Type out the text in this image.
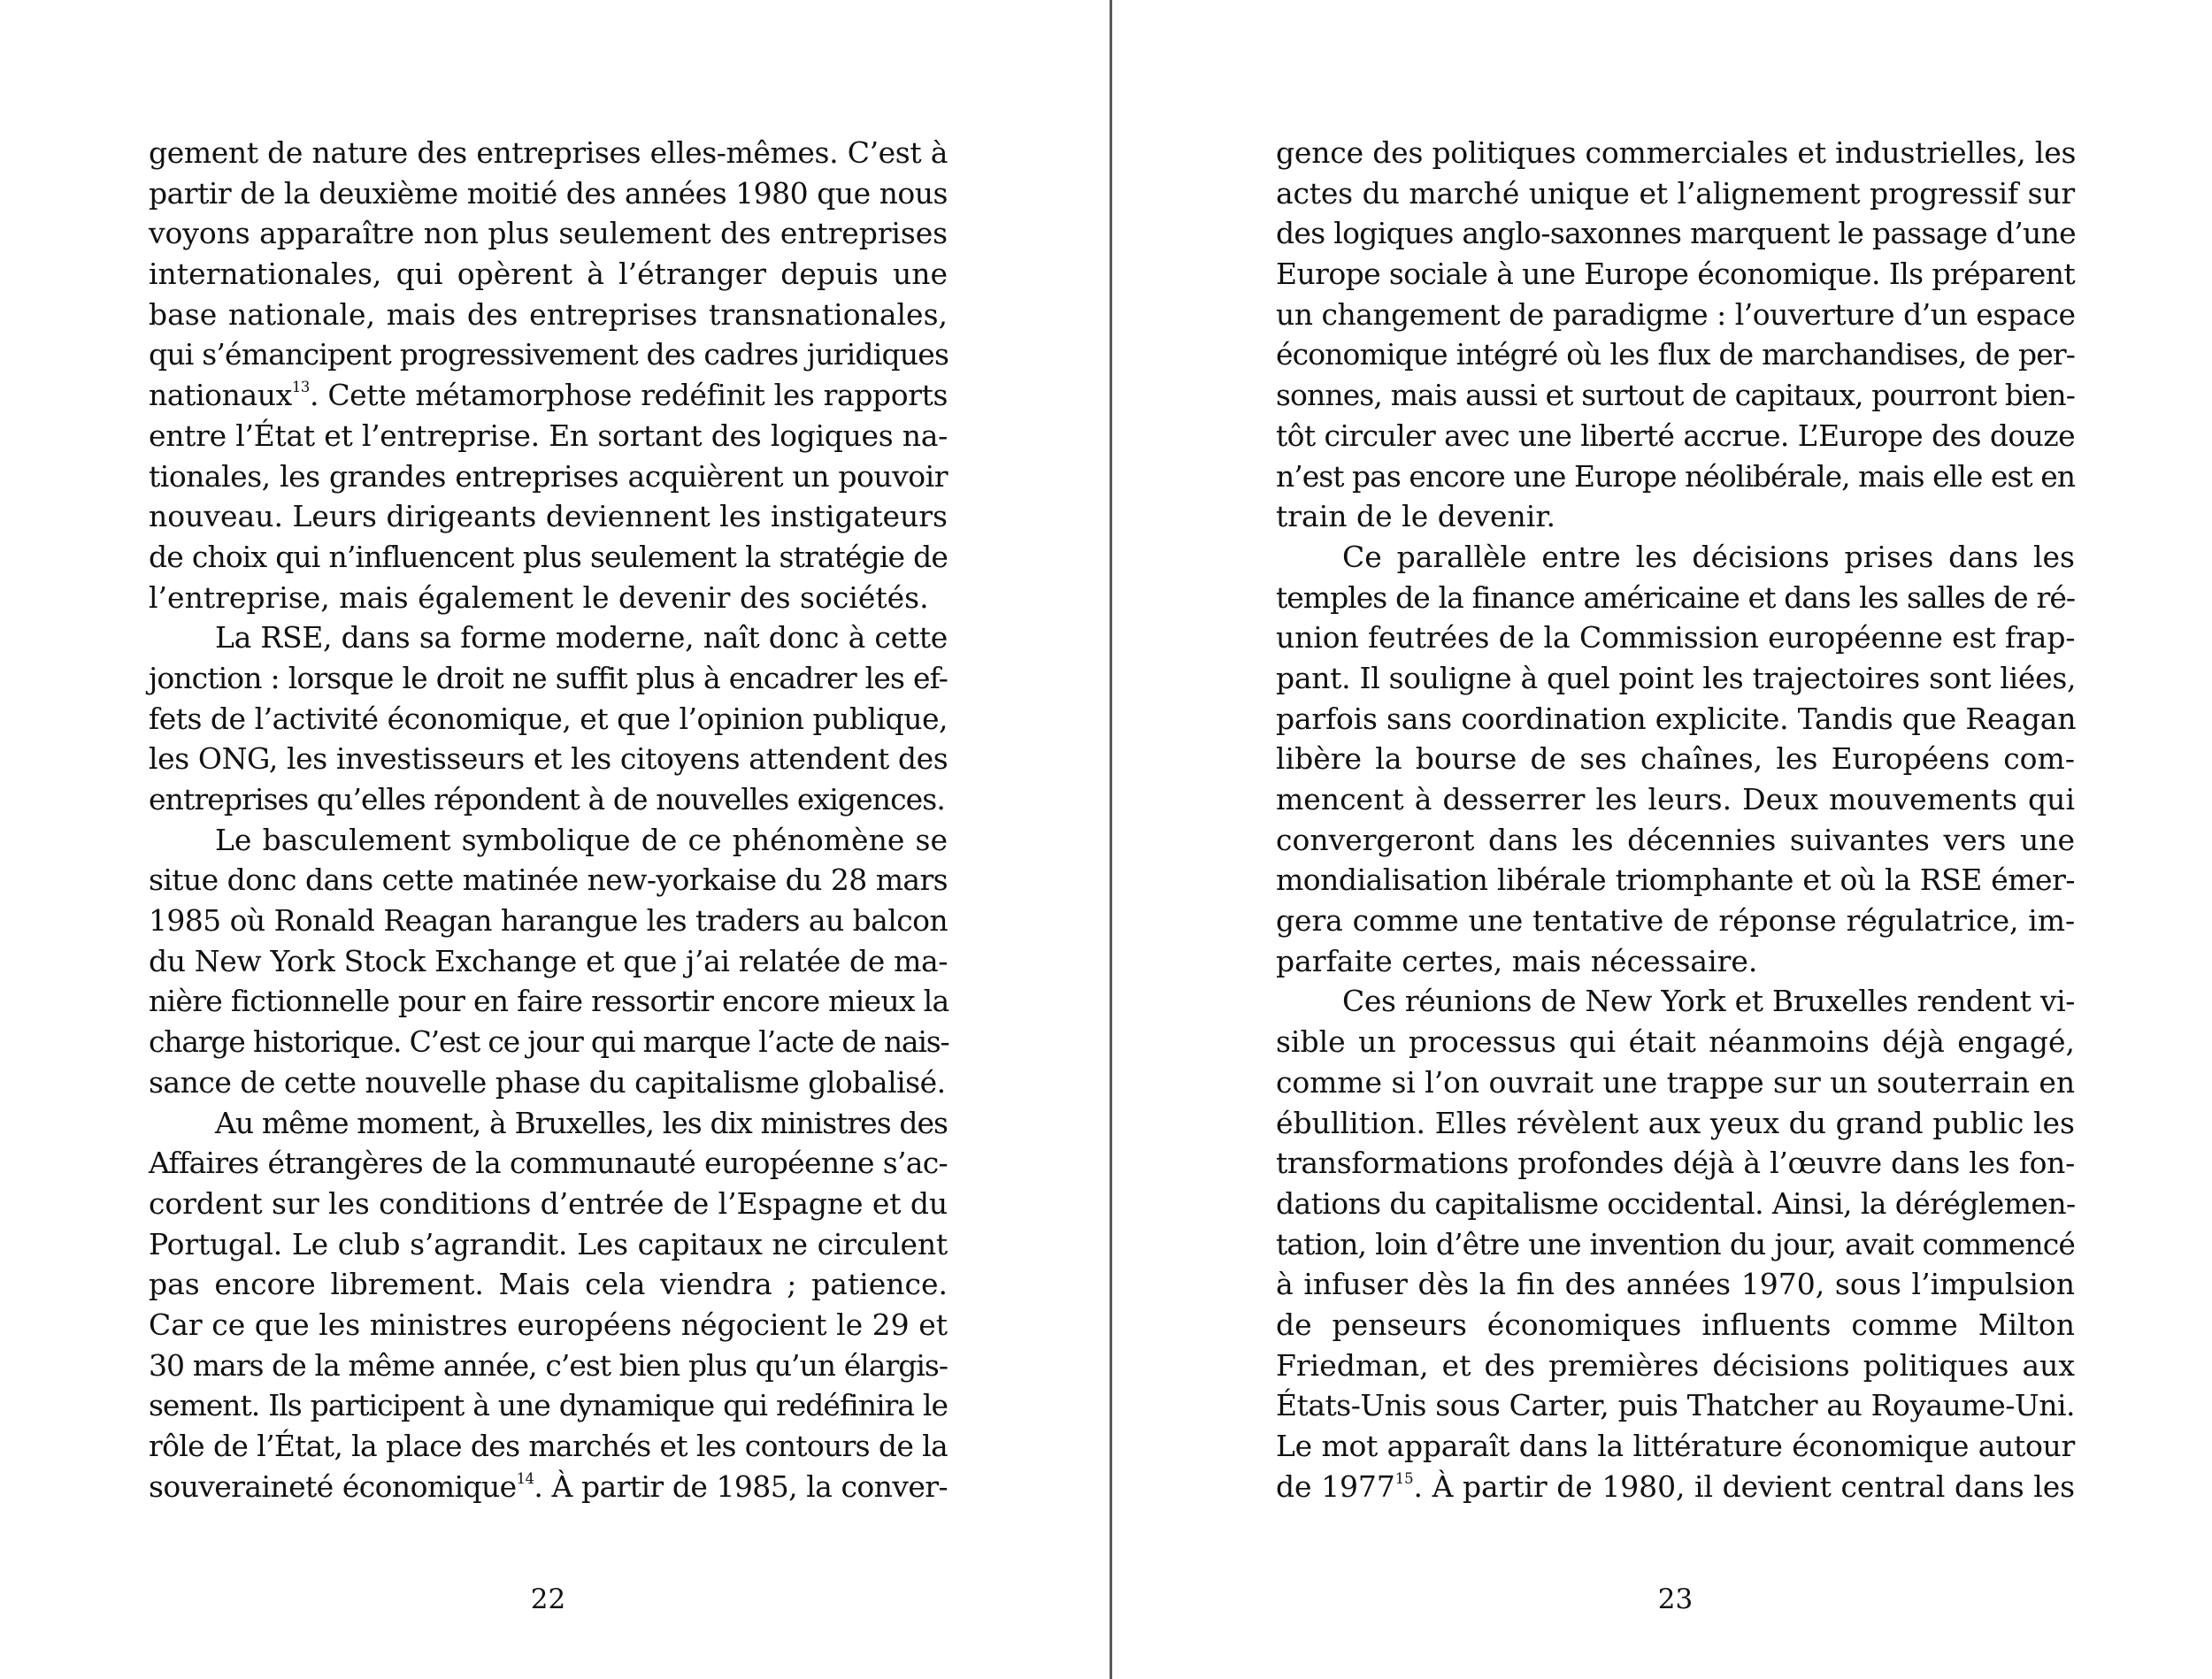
gement de nature des entreprises elles-mêmes. C’est à
partir de la deuxième moitié des années 1980 que nous
voyons apparaître non plus seulement des entreprises
internationales, qui opèrent à l’étranger depuis une
base nationale, mais des entreprises transnationales,
qui s’émancipent progressivement des cadres juridiques
nationaux$^{13}$. Cette métamorphose redéfinit les rapports
entre l’État et l’entreprise. En sortant des logiques na-
tionales, les grandes entreprises acquièrent un pouvoir
nouveau. Leurs dirigeants deviennent les instigateurs
de choix qui n’influencent plus seulement la stratégie de
l’entreprise, mais également le devenir des sociétés.
La RSE, dans sa forme moderne, naît donc à cette
jonction : lorsque le droit ne suffit plus à encadrer les ef-
fets de l’activité économique, et que l’opinion publique,
les ONG, les investisseurs et les citoyens attendent des
entreprises qu’elles répondent à de nouvelles exigences.
Le basculement symbolique de ce phénomène se
situe donc dans cette matinée new-yorkaise du 28 mars
1985 où Ronald Reagan harangue les traders au balcon
du New York Stock Exchange et que j’ai relatée de ma-
nière fictionnelle pour en faire ressortir encore mieux la
charge historique. C’est ce jour qui marque l’acte de nais-
sance de cette nouvelle phase du capitalisme globalisé.
Au même moment, à Bruxelles, les dix ministres des
Affaires étrangères de la communauté européenne s’ac-
cordent sur les conditions d’entrée de l’Espagne et du
Portugal. Le club s’agrandit. Les capitaux ne circulent
pas encore librement. Mais cela viendra ; patience.
Car ce que les ministres européens négocient le 29 et
30 mars de la même année, c’est bien plus qu’un élargis-
sement. Ils participent à une dynamique qui redéfinira le
rôle de l’État, la place des marchés et les contours de la
souveraineté économique$^{14}$. À partir de 1985, la conver-
gence des politiques commerciales et industrielles, les
actes du marché unique et l’alignement progressif sur
des logiques anglo-saxonnes marquent le passage d’une
Europe sociale à une Europe économique. Ils préparent
un changement de paradigme : l’ouverture d’un espace
économique intégré où les flux de marchandises, de per-
sonnes, mais aussi et surtout de capitaux, pourront bien-
tôt circuler avec une liberté accrue. L’Europe des douze
n’est pas encore une Europe néolibérale, mais elle est en
train de le devenir.
Ce parallèle entre les décisions prises dans les
temples de la finance américaine et dans les salles de ré-
union feutrées de la Commission européenne est frap-
pant. Il souligne à quel point les trajectoires sont liées,
parfois sans coordination explicite. Tandis que Reagan
libère la bourse de ses chaînes, les Européens com-
mencent à desserrer les leurs. Deux mouvements qui
convergeront dans les décennies suivantes vers une
mondialisation libérale triomphante et où la RSE émer-
gera comme une tentative de réponse régulatrice, im-
parfaite certes, mais nécessaire.
Ces réunions de New York et Bruxelles rendent vi-
sible un processus qui était néanmoins déjà engagé,
comme si l’on ouvrait une trappe sur un souterrain en
ébullition. Elles révèlent aux yeux du grand public les
transformations profondes déjà à l’œuvre dans les fon-
dations du capitalisme occidental. Ainsi, la déréglemen-
tation, loin d’être une invention du jour, avait commencé
à infuser dès la fin des années 1970, sous l’impulsion
de penseurs économiques influents comme Milton
Friedman, et des premières décisions politiques aux
États-Unis sous Carter, puis Thatcher au Royaume-Uni.
Le mot apparaît dans la littérature économique autour
de 1977$^{15}$. À partir de 1980, il devient central dans les
22	23
